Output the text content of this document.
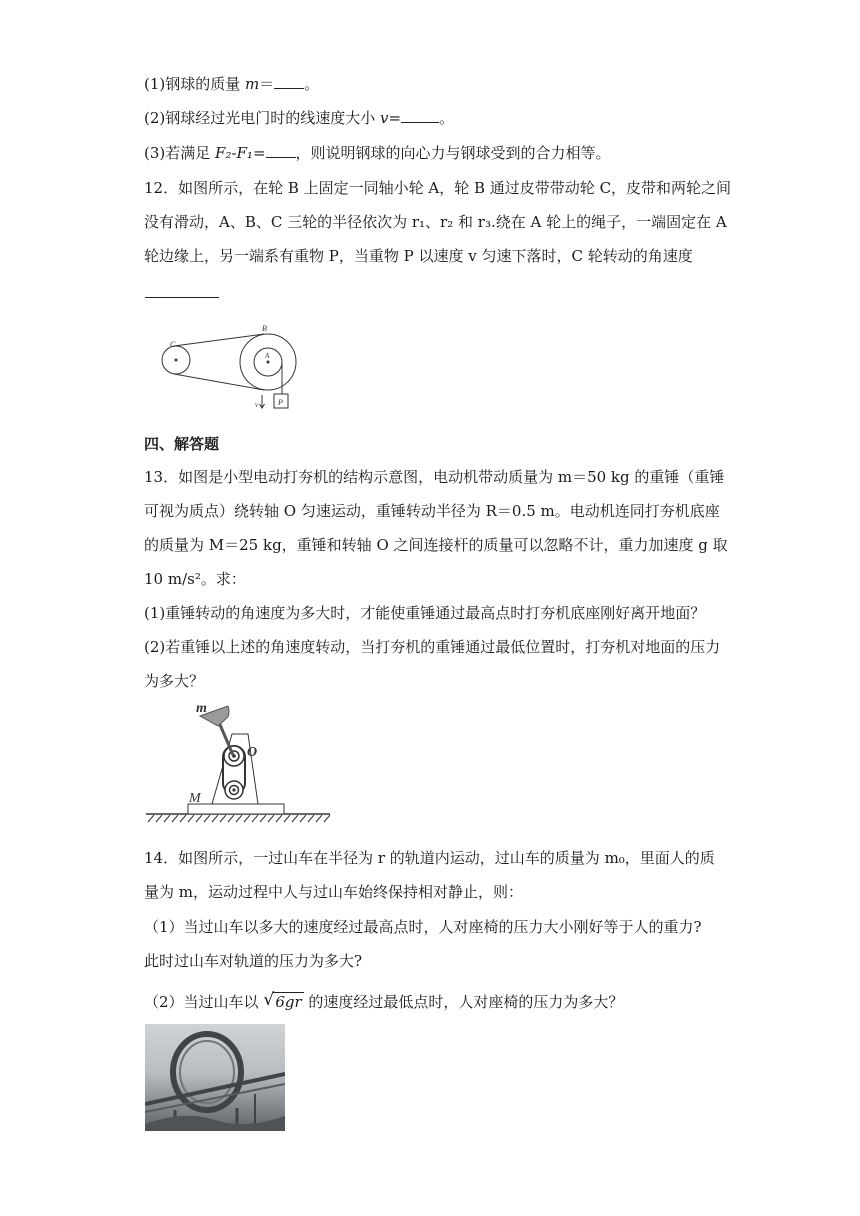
(1)钢球的质量 m＝ 。
(2)钢球经过光电门时的线速度大小 v=	。
(3)若满足 F₂-F₁= ，则说明钢球的向心力与钢球受到的合力相等。
12．如图所示，在轮 B 上固定一同轴小轮 A，轮 B 通过皮带带动轮 C，皮带和两轮之间
没有滑动，A、B、C 三轮的半径依次为 r₁、r₂ 和 r₃.绕在 A 轮上的绳子，一端固定在 A
轮边缘上，另一端系有重物 P，当重物 P 以速度 v 匀速下落时，C 轮转动的角速度
C
B
A
P
v
四、解答题
13．如图是小型电动打夯机的结构示意图，电动机带动质量为 m＝50 kg 的重锤（重锤
可视为质点）绕转轴 O 匀速运动，重锤转动半径为 R＝0.5 m。电动机连同打夯机底座
的质量为 M＝25 kg，重锤和转轴 O 之间连接杆的质量可以忽略不计，重力加速度 g 取
10 m/s²。求：
(1)重锤转动的角速度为多大时，才能使重锤通过最高点时打夯机底座刚好离开地面？
(2)若重锤以上述的角速度转动，当打夯机的重锤通过最低位置时，打夯机对地面的压力
为多大？
m
O
M
14．如图所示，一过山车在半径为 r 的轨道内运动，过山车的质量为 m₀，里面人的质
量为 m，运动过程中人与过山车始终保持相对静止，则：
（1）当过山车以多大的速度经过最高点时，人对座椅的压力大小刚好等于人的重力?
此时过山车对轨道的压力为多大?
（2）当过山车以 √ 6gr 的速度经过最低点时，人对座椅的压力为多大？
